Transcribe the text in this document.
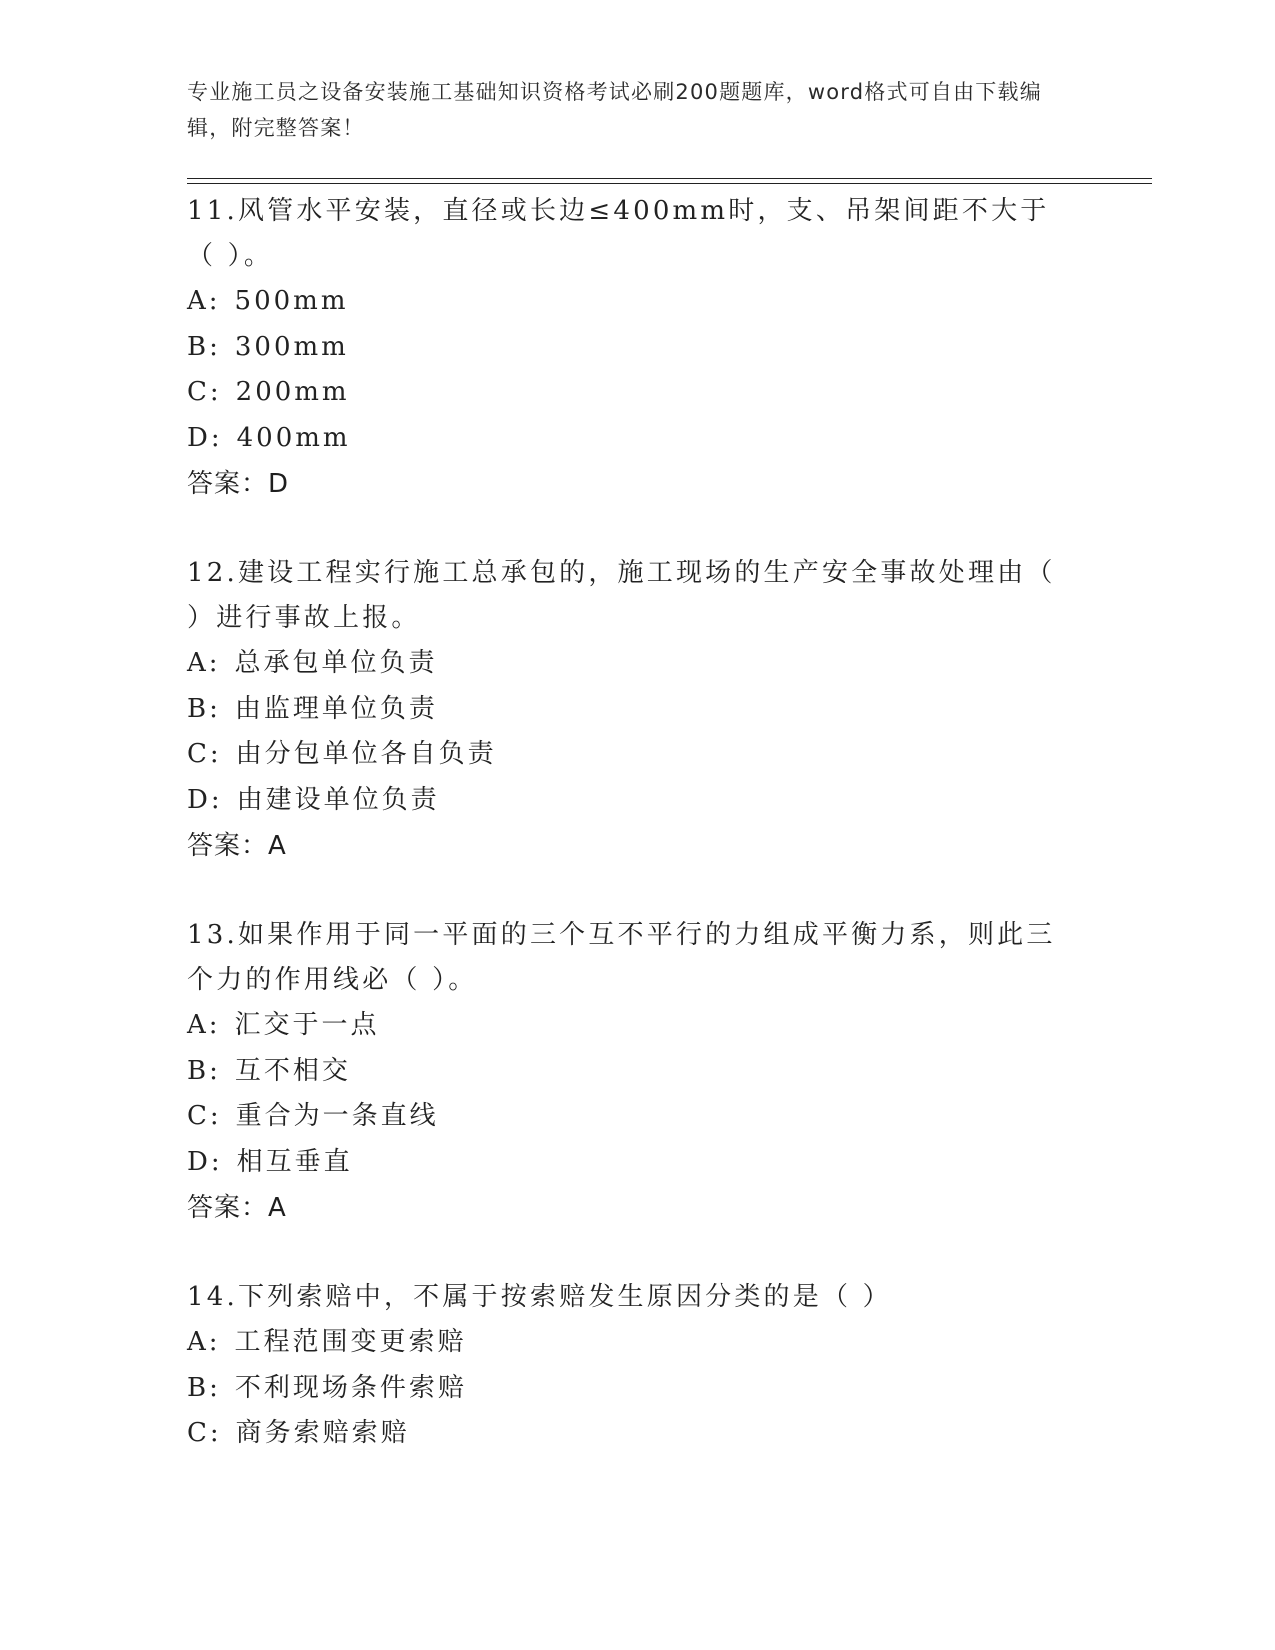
专业施工员之设备安装施工基础知识资格考试必刷200题题库，word格式可自由下载编辑，附完整答案！
11.风管水平安装，直径或长边≤400mm时，支、吊架间距不大于（ ）。
A: 500mm
B: 300mm
C: 200mm
D: 400mm
答案：D
12.建设工程实行施工总承包的，施工现场的生产安全事故处理由（ ）进行事故上报。
A: 总承包单位负责
B: 由监理单位负责
C: 由分包单位各自负责
D: 由建设单位负责
答案：A
13.如果作用于同一平面的三个互不平行的力组成平衡力系，则此三个力的作用线必（ ）。
A: 汇交于一点
B: 互不相交
C: 重合为一条直线
D: 相互垂直
答案：A
14.下列索赔中，不属于按索赔发生原因分类的是（ ）
A: 工程范围变更索赔
B: 不利现场条件索赔
C: 商务索赔索赔
